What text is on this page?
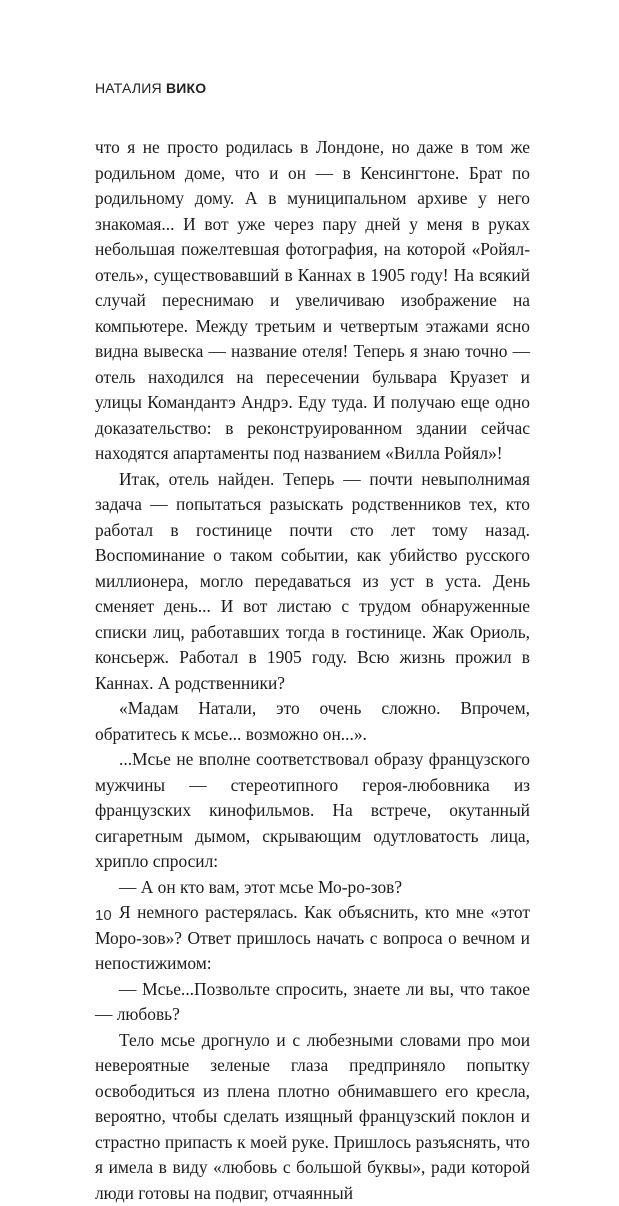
НАТАЛИЯ ВИКО

что я не просто родилась в Лондоне, но даже в том же родильном доме, что и он — в Кенсингтоне. Брат по родильному дому. А в муниципальном архиве у него знакомая... И вот уже через пару дней у меня в руках небольшая пожелтевшая фотография, на которой «Ройял-отель», существовавший в Каннах в 1905 году! На всякий случай переснимаю и увеличиваю изображение на компьютере. Между третьим и четвертым этажами ясно видна вывеска — название отеля! Теперь я знаю точно — отель находился на пересечении бульвара Круазет и улицы Командантэ Андрэ. Еду туда. И получаю еще одно доказательство: в реконструированном здании сейчас находятся апартаменты под названием «Вилла Ройял»!

Итак, отель найден. Теперь — почти невыполнимая задача — попытаться разыскать родственников тех, кто работал в гостинице почти сто лет тому назад. Воспоминание о таком событии, как убийство русского миллионера, могло передаваться из уст в уста. День сменяет день... И вот листаю с трудом обнаруженные списки лиц, работавших тогда в гостинице. Жак Ориоль, консьерж. Работал в 1905 году. Всю жизнь прожил в Каннах. А родственники?

«Мадам Натали, это очень сложно. Впрочем, обратитесь к мсье... возможно он...».

...Мсье не вполне соответствовал образу французского мужчины — стереотипного героя-любовника из французских кинофильмов. На встрече, окутанный сигаретным дымом, скрывающим одутловатость лица, хрипло спросил:

— А он кто вам, этот мсье Мо-ро-зов?

Я немного растерялась. Как объяснить, кто мне «этот Моро-зов»? Ответ пришлось начать с вопроса о вечном и непостижимом:

— Мсье...Позвольте спросить, знаете ли вы, что такое — любовь?

Тело мсье дрогнуло и с любезными словами про мои невероятные зеленые глаза предприняло попытку освободиться из плена плотно обнимавшего его кресла, вероятно, чтобы сделать изящный французский поклон и страстно припасть к моей руке. Пришлось разъяснять, что я имела в виду «любовь с большой буквы», ради которой люди готовы на подвиг, отчаянный

10
